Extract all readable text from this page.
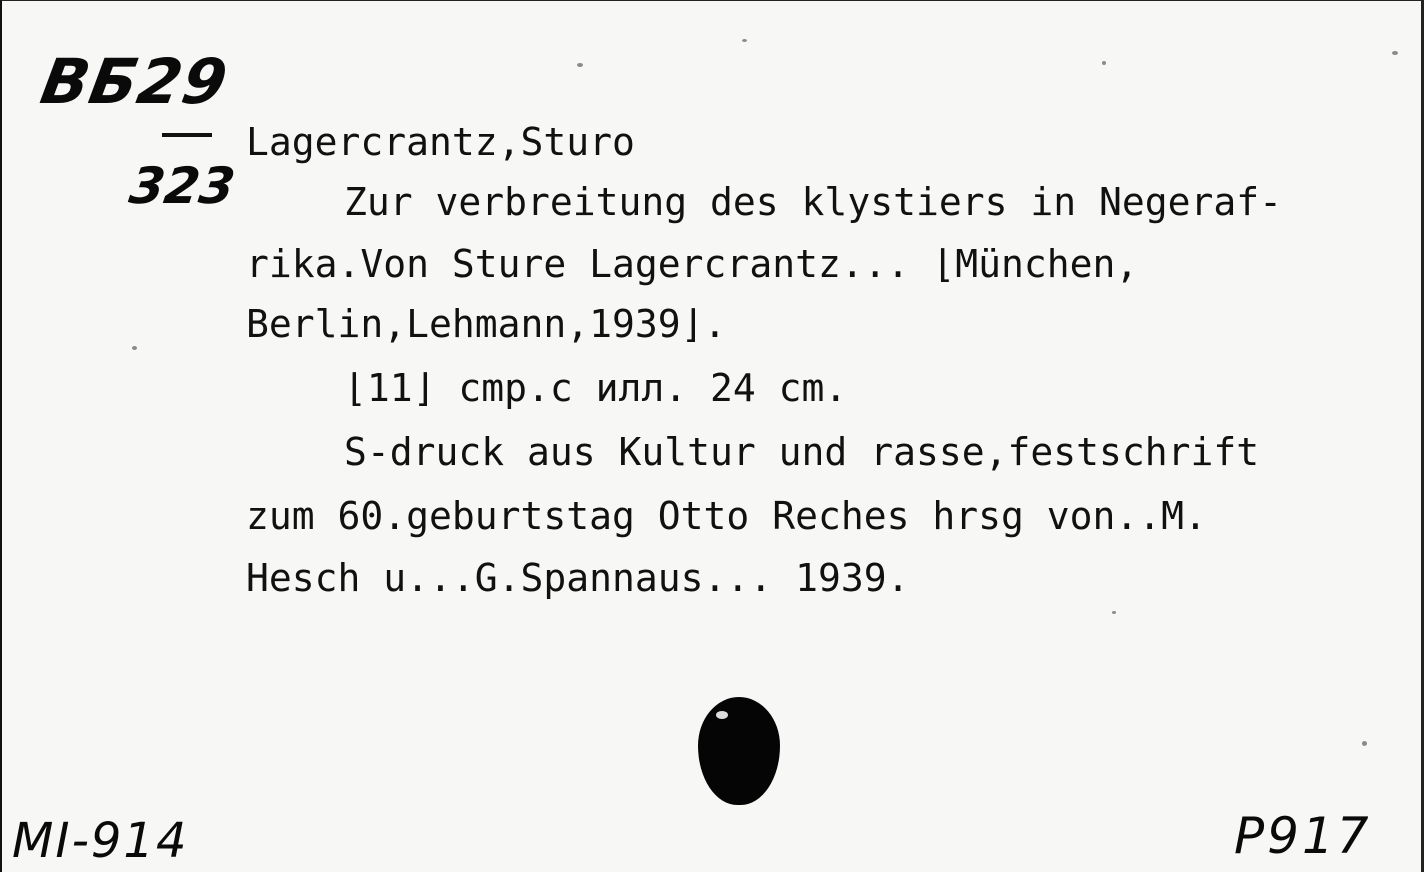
ВБ29
323
Lagercrantz,Sturo
Zur verbreitung des klystiers in Negeraf-
rika.Von Sture Lagercrantz... ⌊München,
Berlin,Lehmann,1939⌋.
⌊11⌋ cmp.c илл. 24 cm.
S-druck aus Kultur und rasse,festschrift
zum 60.geburtstag Otto Reches hrsg von..M.
Hesch u...G.Spannaus... 1939.
MI-914	P917
